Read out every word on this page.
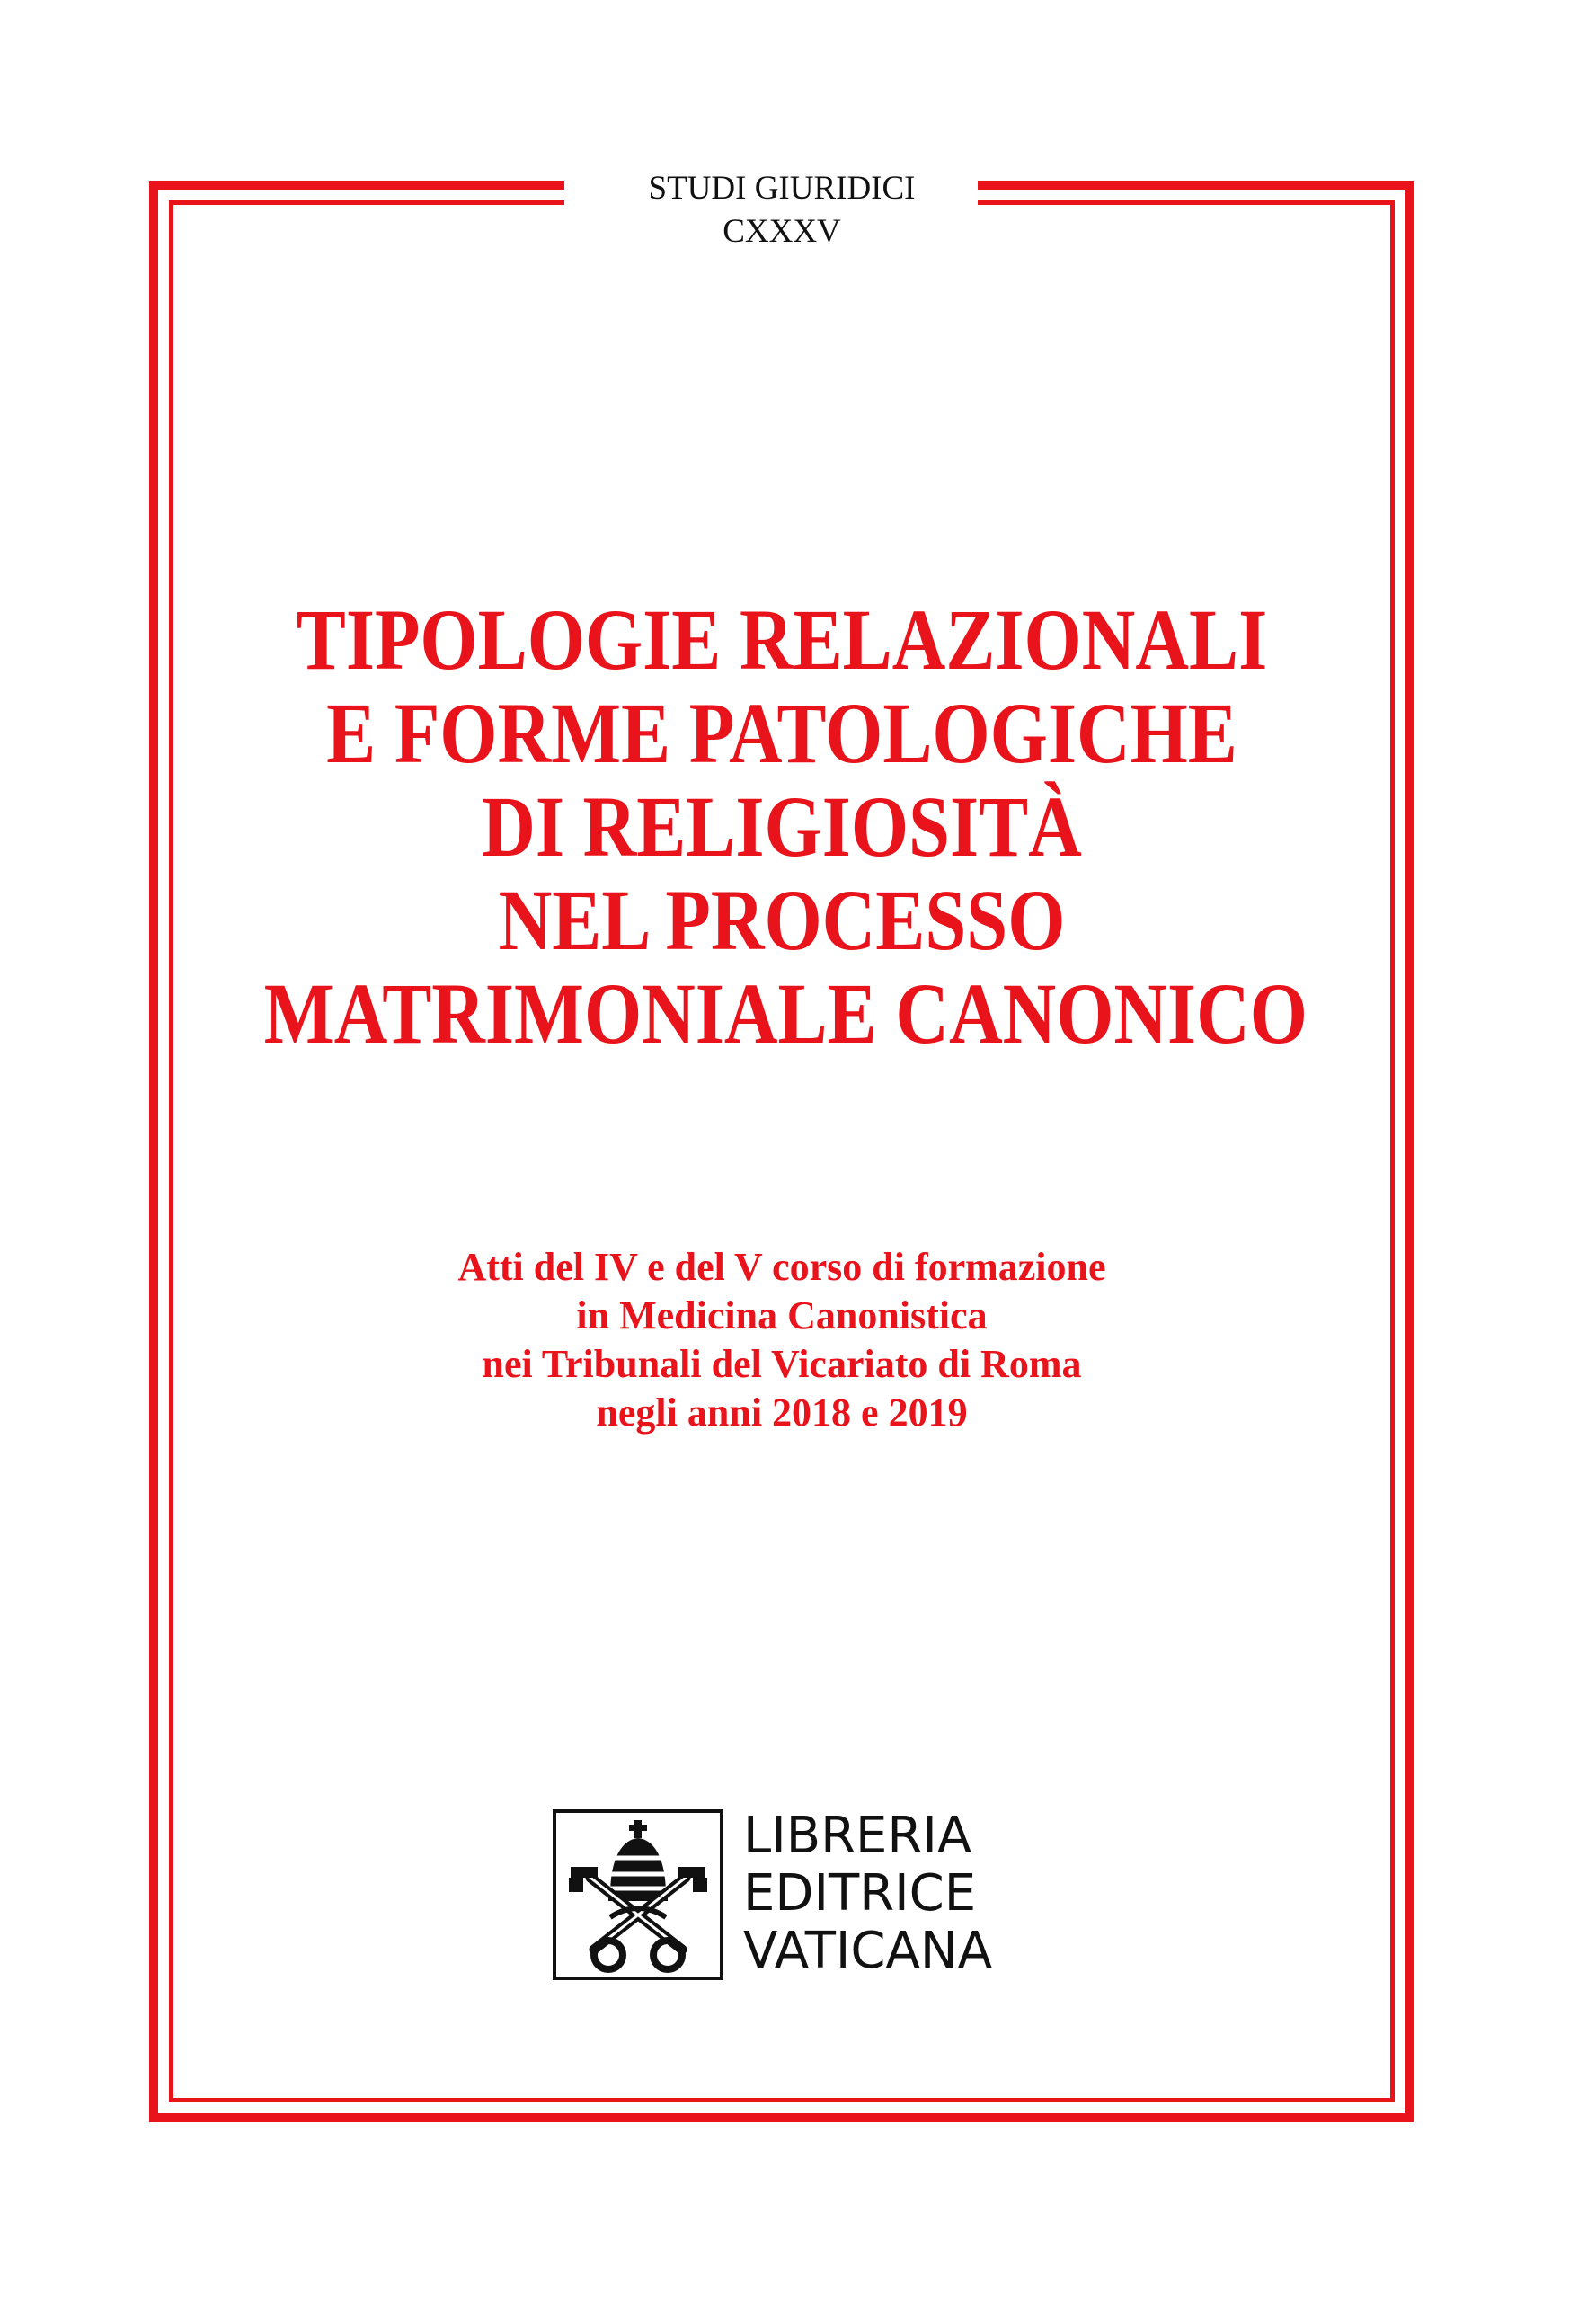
STUDI GIURIDICI
CXXXV
TIPOLOGIE RELAZIONALI
E FORME PATOLOGICHE
DI RELIGIOSITÀ
NEL PROCESSO
MATRIMONIALE CANONICO
Atti del IV e del V corso di formazione
in Medicina Canonistica
nei Tribunali del Vicariato di Roma
negli anni 2018 e 2019
LIBRERIA
EDITRICE
VATICANA
